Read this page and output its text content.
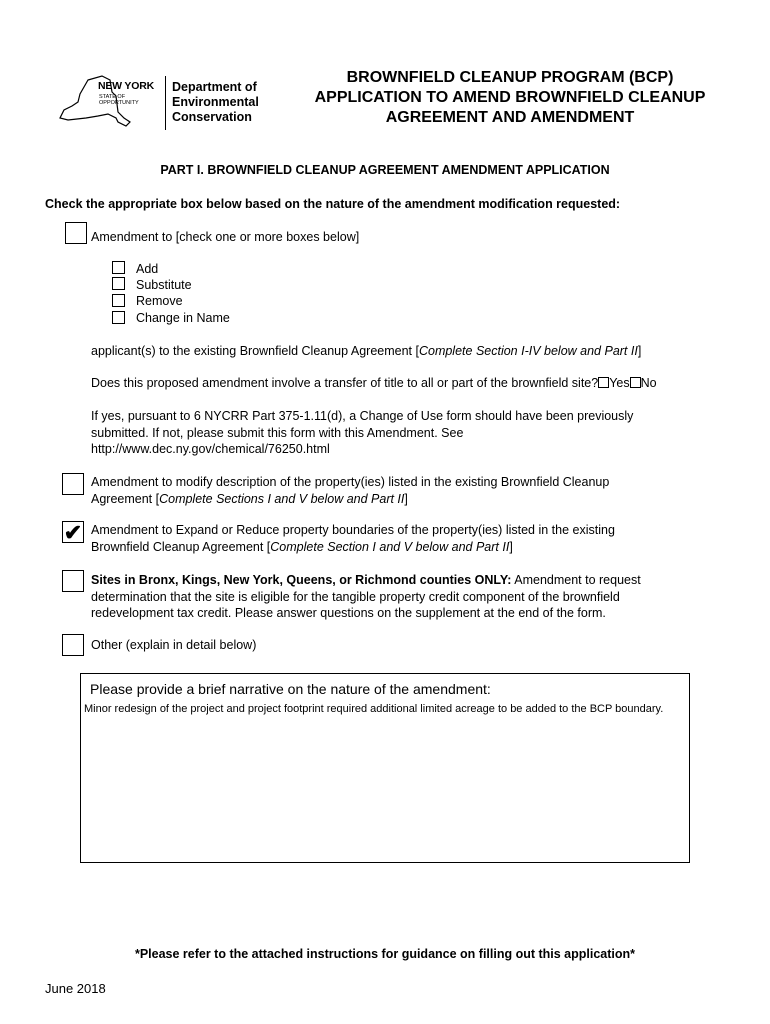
NEW YORK
STATE OF
OPPORTUNITY
Department of
Environmental
Conservation
BROWNFIELD CLEANUP PROGRAM (BCP)
APPLICATION TO AMEND BROWNFIELD CLEANUP
AGREEMENT AND AMENDMENT
PART I. BROWNFIELD CLEANUP AGREEMENT AMENDMENT APPLICATION
Check the appropriate box below based on the nature of the amendment modification requested:
Amendment to [check one or more boxes below]
Add
Substitute
Remove
Change in Name
applicant(s) to the existing Brownfield Cleanup Agreement [Complete Section I-IV below and Part II]
Does this proposed amendment involve a transfer of title to all or part of the brownfield site? Yes No
If yes, pursuant to 6 NYCRR Part 375-1.11(d), a Change of Use form should have been previously
submitted. If not, please submit this form with this Amendment. See
http://www.dec.ny.gov/chemical/76250.html
Amendment to modify description of the property(ies) listed in the existing Brownfield Cleanup
Agreement [Complete Sections I and V below and Part II]
✔ Amendment to Expand or Reduce property boundaries of the property(ies) listed in the existing
Brownfield Cleanup Agreement [Complete Section I and V below and Part II]
Sites in Bronx, Kings, New York, Queens, or Richmond counties ONLY: Amendment to request
determination that the site is eligible for the tangible property credit component of the brownfield
redevelopment tax credit. Please answer questions on the supplement at the end of the form.
Other (explain in detail below)
Please provide a brief narrative on the nature of the amendment:
Minor redesign of the project and project footprint required additional limited acreage to be added to the BCP boundary.
*Please refer to the attached instructions for guidance on filling out this application*
June 2018
